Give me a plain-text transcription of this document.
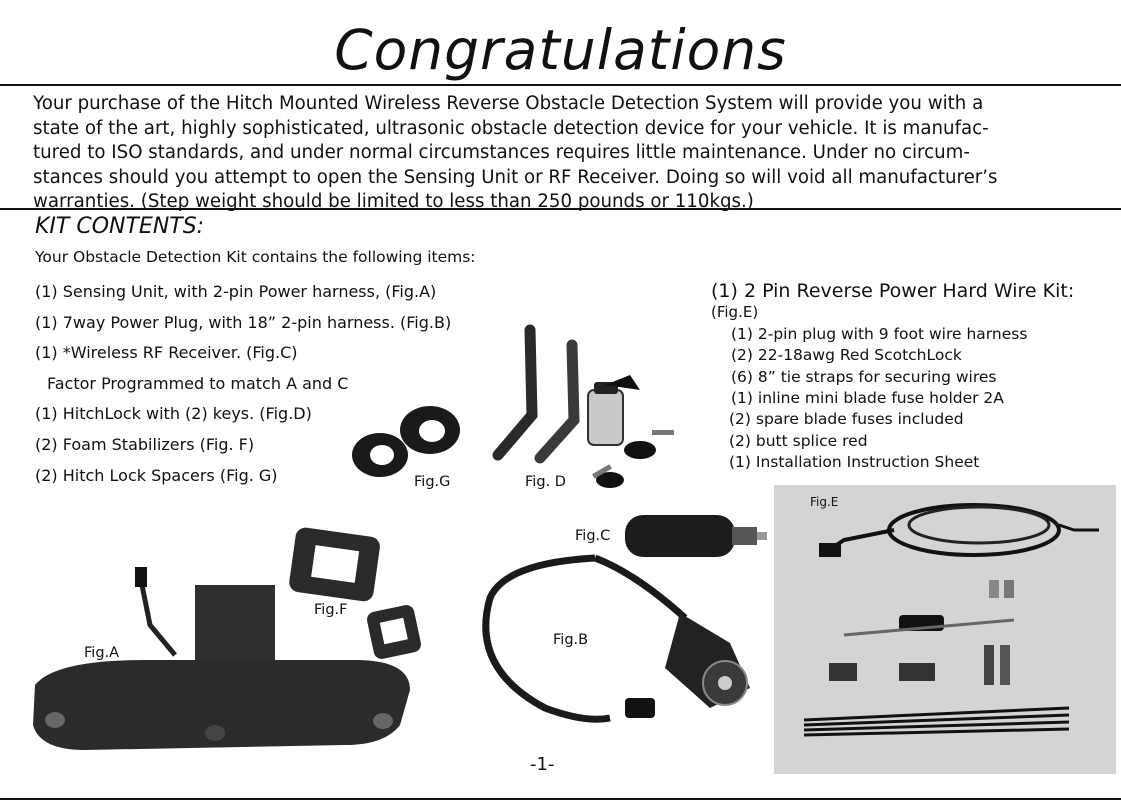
Congratulations

Your purchase of the Hitch Mounted Wireless Reverse Obstacle Detection System will provide you with a

state of the art, highly sophisticated, ultrasonic obstacle detection device for your vehicle. It is manufac-

tured to ISO standards, and under normal circumstances requires little maintenance. Under no circum-

stances should you attempt to open the Sensing Unit or RF Receiver. Doing so will void all manufacturer’s

warranties. (Step weight should be limited to less than 250 pounds or 110kgs.)

KIT CONTENTS:
Your Obstacle Detection Kit contains the following items:
(1) Sensing Unit, with 2-pin Power harness, (Fig.A)
(1) 7way Power Plug, with 18” 2-pin harness. (Fig.B)
(1) *Wireless RF Receiver. (Fig.C)
Factor Programmed to match A and C
(1) HitchLock with (2) keys. (Fig.D)
(2) Foam Stabilizers (Fig. F)
(2) Hitch Lock Spacers (Fig. G)
(1) 2 Pin Reverse Power Hard Wire Kit:
(Fig.E)
(1) 2-pin plug with 9 foot wire harness
(2) 22-18awg Red ScotchLock
(6) 8” tie straps for securing wires
(1) inline mini blade fuse holder 2A
(2) spare blade fuses included
(2) butt splice red
(1) Installation Instruction Sheet
Fig.G	Fig. D
Fig.E
Fig.C
Fig.F
Fig.A
Fig.B
-1-
